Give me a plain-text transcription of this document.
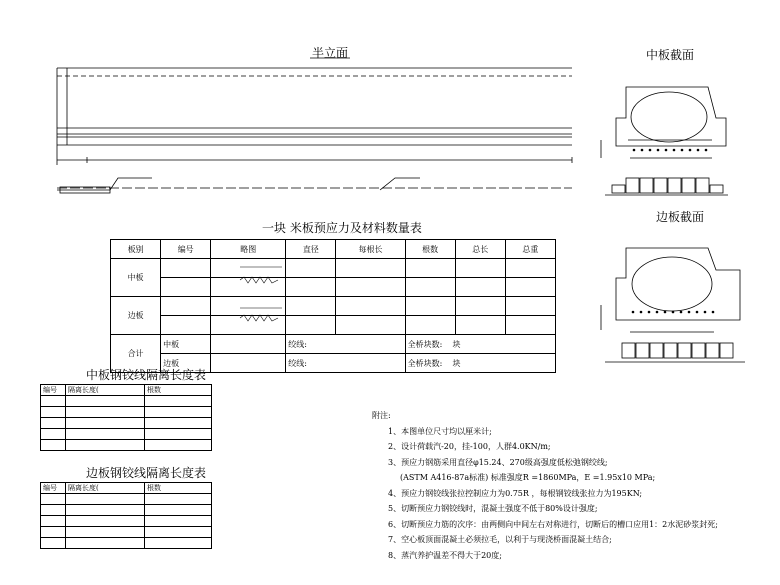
半立面	中板截面
边板截面
一块 米板预应力及材料数量表
板别	编号	略图	直径	每根长	根数	总长	总重
中板							

边板							

合计	中板		绞线:		全桥块数: 块		
	边板		绞线:		全桥块数: 块		
中板钢铰线隔离长度表
编号	隔离长度(	根数

边板钢铰线隔离长度表
编号	隔离长度(	根数

附注:
1、本图单位尺寸均以厘米计;
2、设计荷载汽-20，挂-100，人群4.0KN/m;
3、预应力钢筋采用直径φ15.24、270级高强度低松弛钢绞线;
(ASTM A416-87a标准) 标准强度R =1860MPa，E =1.95x10 MPa;
4、预应力钢铰线张拉控制应力为0.75R ，每根钢铰线张拉力为195KN;
5、切断预应力钢铰线时，混凝土强度不低于80%设计强度;
6、切断预应力筋的次序：由两侧向中间左右对称进行，切断后的槽口应用1：2水泥砂浆封死;
7、空心板顶面混凝土必须拉毛，以利于与现浇桥面混凝土结合;
8、蒸汽养护温差不得大于20度;
